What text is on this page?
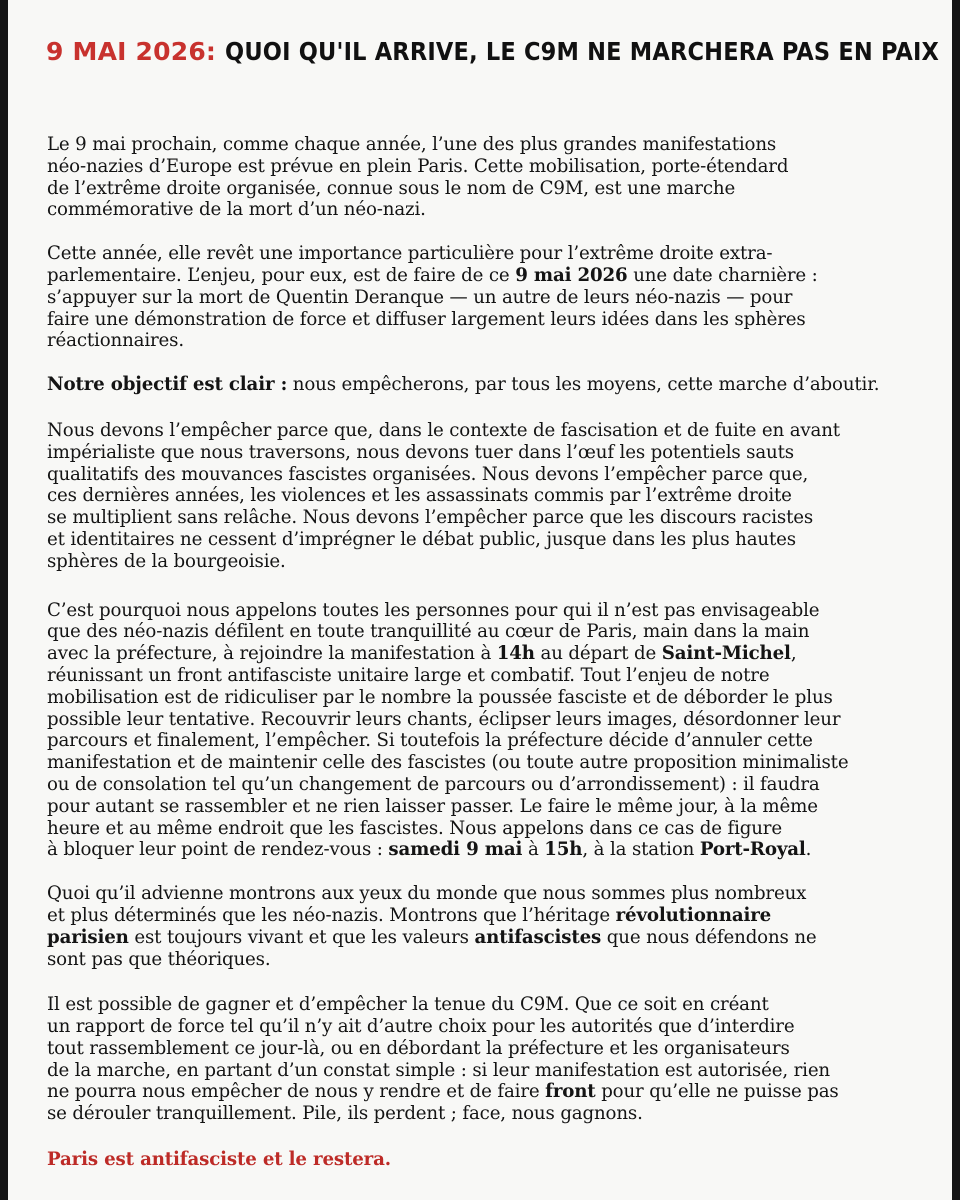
9 MAI 2026: QUOI QU'IL ARRIVE, LE C9M NE MARCHERA PAS EN PAIX

Le 9 mai prochain, comme chaque année, l’une des plus grandes manifestations
néo-nazies d’Europe est prévue en plein Paris. Cette mobilisation, porte-étendard
de l’extrême droite organisée, connue sous le nom de C9M, est une marche
commémorative de la mort d’un néo-nazi.

Cette année, elle revêt une importance particulière pour l’extrême droite extra-
parlementaire. L’enjeu, pour eux, est de faire de ce 9 mai 2026 une date charnière :
s’appuyer sur la mort de Quentin Deranque — un autre de leurs néo-nazis — pour
faire une démonstration de force et diffuser largement leurs idées dans les sphères
réactionnaires.

Notre objectif est clair : nous empêcherons, par tous les moyens, cette marche d’aboutir.

Nous devons l’empêcher parce que, dans le contexte de fascisation et de fuite en avant
impérialiste que nous traversons, nous devons tuer dans l’œuf les potentiels sauts
qualitatifs des mouvances fascistes organisées. Nous devons l’empêcher parce que,
ces dernières années, les violences et les assassinats commis par l’extrême droite
se multiplient sans relâche. Nous devons l’empêcher parce que les discours racistes
et identitaires ne cessent d’imprégner le débat public, jusque dans les plus hautes
sphères de la bourgeoisie.

C’est pourquoi nous appelons toutes les personnes pour qui il n’est pas envisageable
que des néo-nazis défilent en toute tranquillité au cœur de Paris, main dans la main
avec la préfecture, à rejoindre la manifestation à 14h au départ de Saint-Michel,
réunissant un front antifasciste unitaire large et combatif. Tout l’enjeu de notre
mobilisation est de ridiculiser par le nombre la poussée fasciste et de déborder le plus
possible leur tentative. Recouvrir leurs chants, éclipser leurs images, désordonner leur
parcours et finalement, l’empêcher. Si toutefois la préfecture décide d’annuler cette
manifestation et de maintenir celle des fascistes (ou toute autre proposition minimaliste
ou de consolation tel qu’un changement de parcours ou d’arrondissement) : il faudra
pour autant se rassembler et ne rien laisser passer. Le faire le même jour, à la même
heure et au même endroit que les fascistes. Nous appelons dans ce cas de figure
à bloquer leur point de rendez-vous : samedi 9 mai à 15h, à la station Port-Royal.

Quoi qu’il advienne montrons aux yeux du monde que nous sommes plus nombreux
et plus déterminés que les néo-nazis. Montrons que l’héritage révolutionnaire
parisien est toujours vivant et que les valeurs antifascistes que nous défendons ne
sont pas que théoriques.

Il est possible de gagner et d’empêcher la tenue du C9M. Que ce soit en créant
un rapport de force tel qu’il n’y ait d’autre choix pour les autorités que d’interdire
tout rassemblement ce jour-là, ou en débordant la préfecture et les organisateurs
de la marche, en partant d’un constat simple : si leur manifestation est autorisée, rien
ne pourra nous empêcher de nous y rendre et de faire front pour qu’elle ne puisse pas
se dérouler tranquillement. Pile, ils perdent ; face, nous gagnons.

Paris est antifasciste et le restera.
